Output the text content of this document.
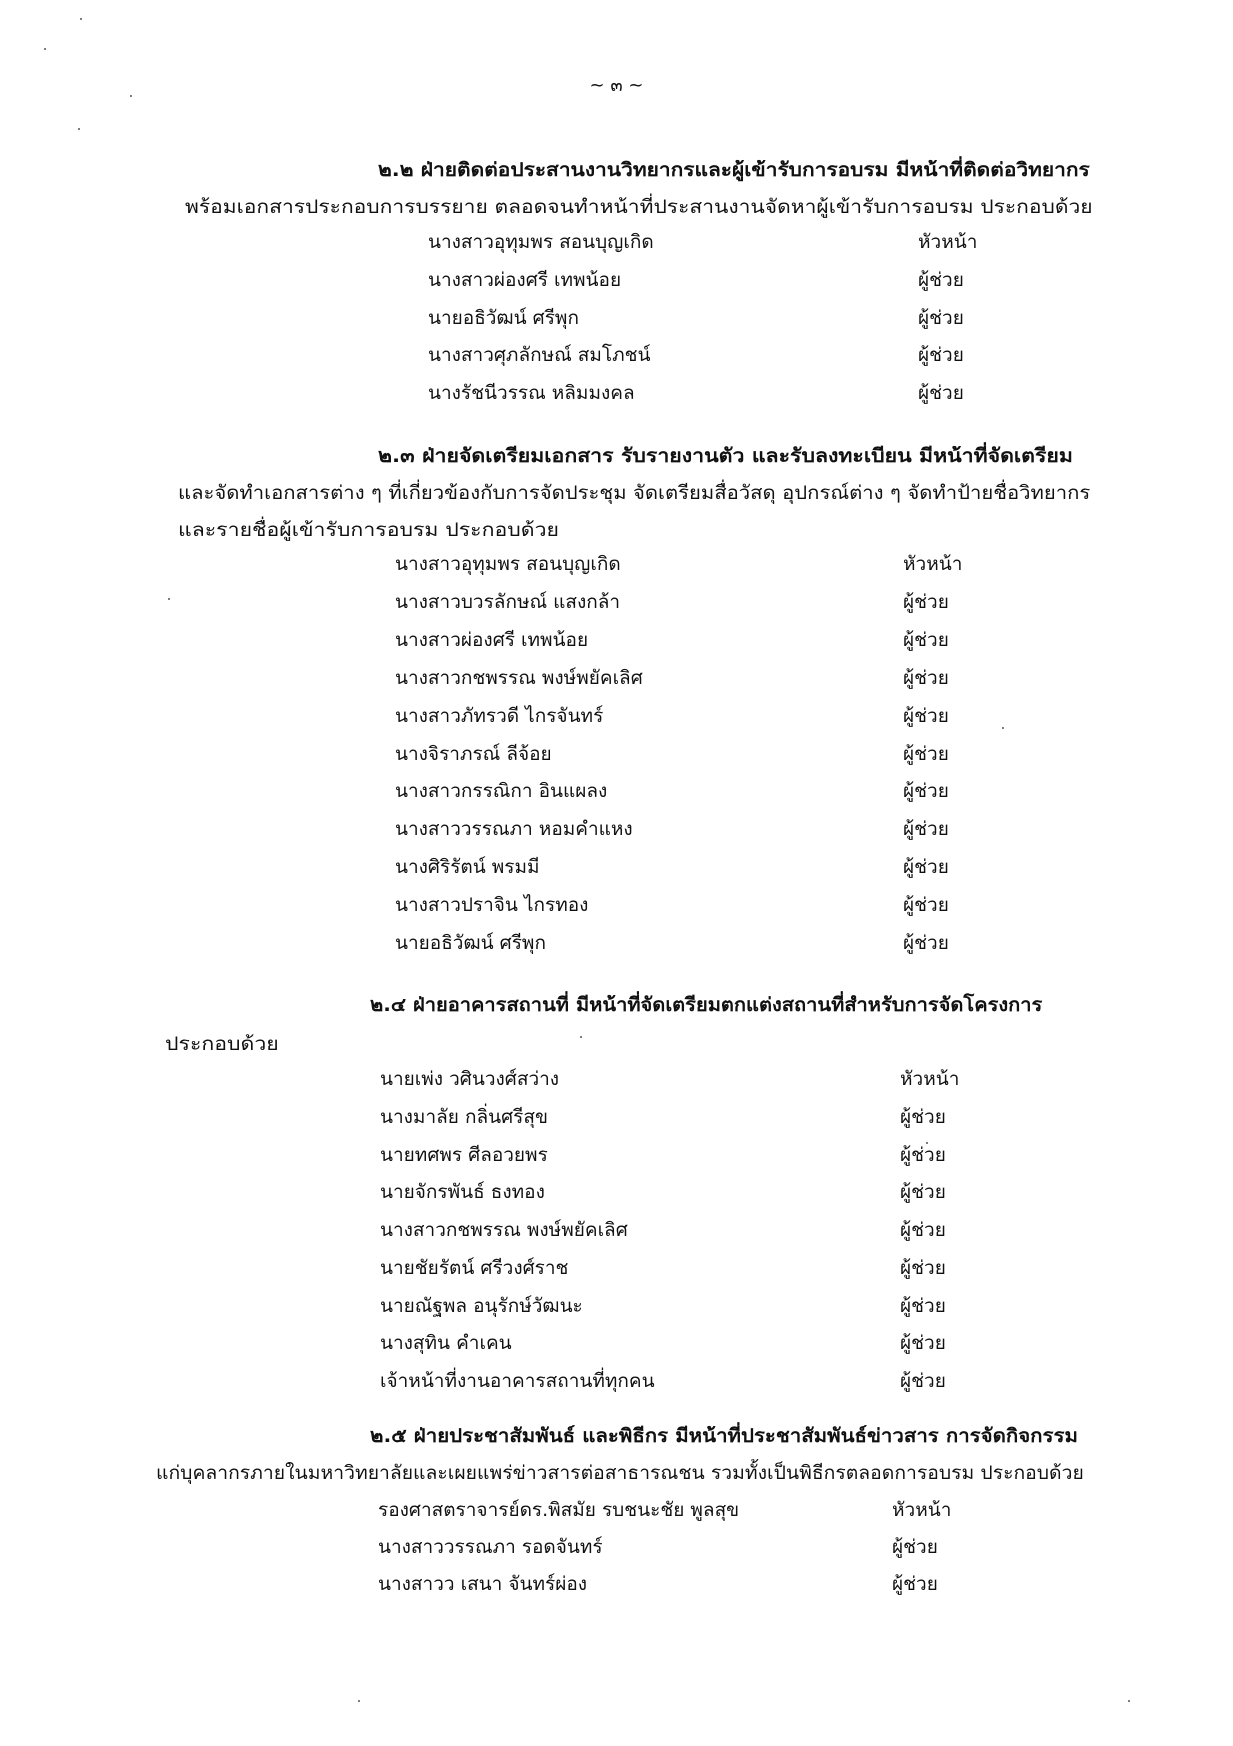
~ ๓ ~
๒.๒ ฝ่ายติดต่อประสานงานวิทยากรและผู้เข้ารับการอบรม มีหน้าที่ติดต่อวิทยากร
พร้อมเอกสารประกอบการบรรยาย ตลอดจนทำหน้าที่ประสานงานจัดหาผู้เข้ารับการอบรม ประกอบด้วย
นางสาวอุทุมพร สอนบุญเกิด	หัวหน้า
นางสาวผ่องศรี เทพน้อย	ผู้ช่วย
นายอธิวัฒน์ ศรีพุก	ผู้ช่วย
นางสาวศุภลักษณ์ สมโภชน์	ผู้ช่วย
นางรัชนีวรรณ หลิมมงคล	ผู้ช่วย
๒.๓ ฝ่ายจัดเตรียมเอกสาร รับรายงานตัว และรับลงทะเบียน มีหน้าที่จัดเตรียม
และจัดทำเอกสารต่าง ๆ ที่เกี่ยวข้องกับการจัดประชุม จัดเตรียมสื่อวัสดุ อุปกรณ์ต่าง ๆ จัดทำป้ายชื่อวิทยากร
และรายชื่อผู้เข้ารับการอบรม ประกอบด้วย
นางสาวอุทุมพร สอนบุญเกิด	หัวหน้า
นางสาวบวรลักษณ์ แสงกล้า	ผู้ช่วย
นางสาวผ่องศรี เทพน้อย	ผู้ช่วย
นางสาวกชพรรณ พงษ์พยัคเลิศ	ผู้ช่วย
นางสาวภัทรวดี ไกรจันทร์	ผู้ช่วย
นางจิราภรณ์ ลีจ้อย	ผู้ช่วย
นางสาวกรรณิกา อินแผลง	ผู้ช่วย
นางสาววรรณภา หอมคำแหง	ผู้ช่วย
นางศิริรัตน์ พรมมี	ผู้ช่วย
นางสาวปราจิน ไกรทอง	ผู้ช่วย
นายอธิวัฒน์ ศรีพุก	ผู้ช่วย
๒.๔ ฝ่ายอาคารสถานที่ มีหน้าที่จัดเตรียมตกแต่งสถานที่สำหรับการจัดโครงการ
ประกอบด้วย
นายเพ่ง วศินวงศ์สว่าง	หัวหน้า
นางมาลัย กลิ่นศรีสุข	ผู้ช่วย
นายทศพร ศีลอวยพร	ผู้ช่วย
นายจักรพันธ์ ธงทอง	ผู้ช่วย
นางสาวกชพรรณ พงษ์พยัคเลิศ	ผู้ช่วย
นายชัยรัตน์ ศรีวงศ์ราช	ผู้ช่วย
นายณัฐพล อนุรักษ์วัฒนะ	ผู้ช่วย
นางสุทิน คำเคน	ผู้ช่วย
เจ้าหน้าที่งานอาคารสถานที่ทุกคน	ผู้ช่วย
๒.๕ ฝ่ายประชาสัมพันธ์ และพิธีกร มีหน้าที่ประชาสัมพันธ์ข่าวสาร การจัดกิจกรรม
แก่บุคลากรภายในมหาวิทยาลัยและเผยแพร่ข่าวสารต่อสาธารณชน รวมทั้งเป็นพิธีกรตลอดการอบรม ประกอบด้วย
รองศาสตราจารย์ดร.พิสมัย รบชนะชัย พูลสุข	หัวหน้า
นางสาววรรณภา รอดจันทร์	ผู้ช่วย
นางสาวว เสนา จันทร์ผ่อง	ผู้ช่วย
